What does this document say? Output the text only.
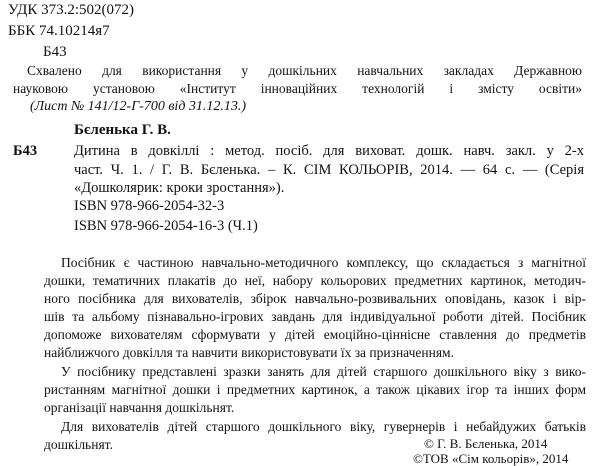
УДК 373.2:502(072)
ББК 74.10214я7
Б43
Схвалено для використання у дошкільних навчальних закладах Державною
науковою установою «Інститут інноваційних технологій і змісту освіти»
(Лист № 141/12-Г-700 від 31.12.13.)
Бєленька Г. В.
Б43	Дитина в довкіллі : метод. посіб. для виховат. дошк. навч. закл. у 2-х
част. Ч. 1. / Г. В. Бєленька. – К. СІМ КОЛЬОРІВ, 2014. — 64 с. — (Серія
«Дошколярик: кроки зростання»).
ISBN 978-966-2054-32-3
ISBN 978-966-2054-16-3 (Ч.1)
Посібник є частиною навчально-методичного комплексу, що складається з магнітної
дошки, тематичних плакатів до неї, набору кольорових предметних картинок, методич-
ного посібника для вихователів, збірок навчально-розвивальних оповідань, казок і вір-
шів та альбому пізнавально-ігрових завдань для індивідуальної роботи дітей. Посібник
допоможе вихователям сформувати у дітей емоційно-ціннісне ставлення до предметів
найближчого довкілля та навчити використовувати їх за призначенням.
У посібнику представлені зразки занять для дітей старшого дошкільного віку з вико-
ристанням магнітної дошки і предметних картинок, а також цікавих ігор та інших форм
організації навчання дошкільнят.
Для вихователів дітей старшого дошкільного віку, гувернерів і небайдужих батьків
дошкільнят.	© Г. В. Бєленька, 2014
©ТОВ «Сім кольорів», 2014
